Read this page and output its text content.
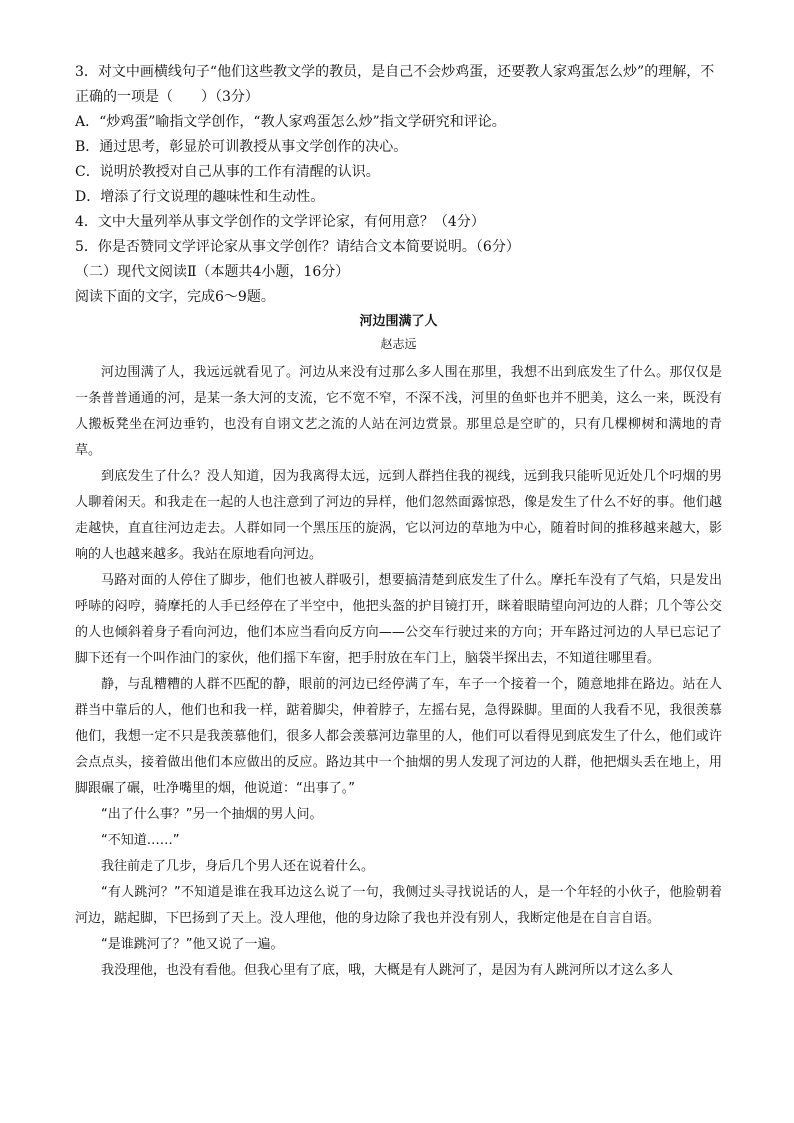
3．对文中画横线句子“他们这些教文学的教员，是自己不会炒鸡蛋，还要教人家鸡蛋怎么炒”的理解，不

正确的一项是（　　）（3分）

A．“炒鸡蛋”喻指文学创作，“教人家鸡蛋怎么炒”指文学研究和评论。

B．通过思考，彰显於可训教授从事文学创作的决心。

C．说明於教授对自己从事的工作有清醒的认识。

D．增添了行文说理的趣味性和生动性。

4．文中大量列举从事文学创作的文学评论家，有何用意？（4分）

5．你是否赞同文学评论家从事文学创作？请结合文本简要说明。（6分）

（二）现代文阅读Ⅱ（本题共4小题，16分）

阅读下面的文字，完成6～9题。

河边围满了人
赵志远

河边围满了人，我远远就看见了。河边从来没有过那么多人围在那里，我想不出到底发生了什么。那仅仅是一条普普通通的河，是某一条大河的支流，它不宽不窄，不深不浅，河里的鱼虾也并不肥美，这么一来，既没有人搬板凳坐在河边垂钓，也没有自诩文艺之流的人站在河边赏景。那里总是空旷的，只有几棵柳树和满地的青草。

到底发生了什么？没人知道，因为我离得太远，远到人群挡住我的视线，远到我只能听见近处几个叼烟的男人聊着闲天。和我走在一起的人也注意到了河边的异样，他们忽然面露惊恐，像是发生了什么不好的事。他们越走越快，直直往河边走去。人群如同一个黑压压的旋涡，它以河边的草地为中心，随着时间的推移越来越大，影响的人也越来越多。我站在原地看向河边。

马路对面的人停住了脚步，他们也被人群吸引，想要搞清楚到底发生了什么。摩托车没有了气焰，只是发出呼哧的闷哼，骑摩托的人手已经停在了半空中，他把头盔的护目镜打开，眯着眼睛望向河边的人群；几个等公交的人也倾斜着身子看向河边，他们本应当看向反方向——公交车行驶过来的方向；开车路过河边的人早已忘记了脚下还有一个叫作油门的家伙，他们摇下车窗，把手肘放在车门上，脑袋半探出去，不知道往哪里看。

静，与乱糟糟的人群不匹配的静，眼前的河边已经停满了车，车子一个接着一个，随意地排在路边。站在人群当中靠后的人，他们也和我一样，踮着脚尖，伸着脖子，左摇右晃，急得跺脚。里面的人我看不见，我很羡慕他们，我想一定不只是我羡慕他们，很多人都会羡慕河边靠里的人，他们可以看得见到底发生了什么，他们或许会点点头，接着做出他们本应做出的反应。路边其中一个抽烟的男人发现了河边的人群，他把烟头丢在地上，用脚跟碾了碾，吐净嘴里的烟，他说道：“出事了。”

“出了什么事？”另一个抽烟的男人问。

“不知道……”

我往前走了几步，身后几个男人还在说着什么。

“有人跳河？”不知道是谁在我耳边这么说了一句，我侧过头寻找说话的人，是一个年轻的小伙子，他脸朝着河边，踮起脚，下巴扬到了天上。没人理他，他的身边除了我也并没有别人，我断定他是在自言自语。

“是谁跳河了？”他又说了一遍。

我没理他，也没有看他。但我心里有了底，哦，大概是有人跳河了，是因为有人跳河所以才这么多人
